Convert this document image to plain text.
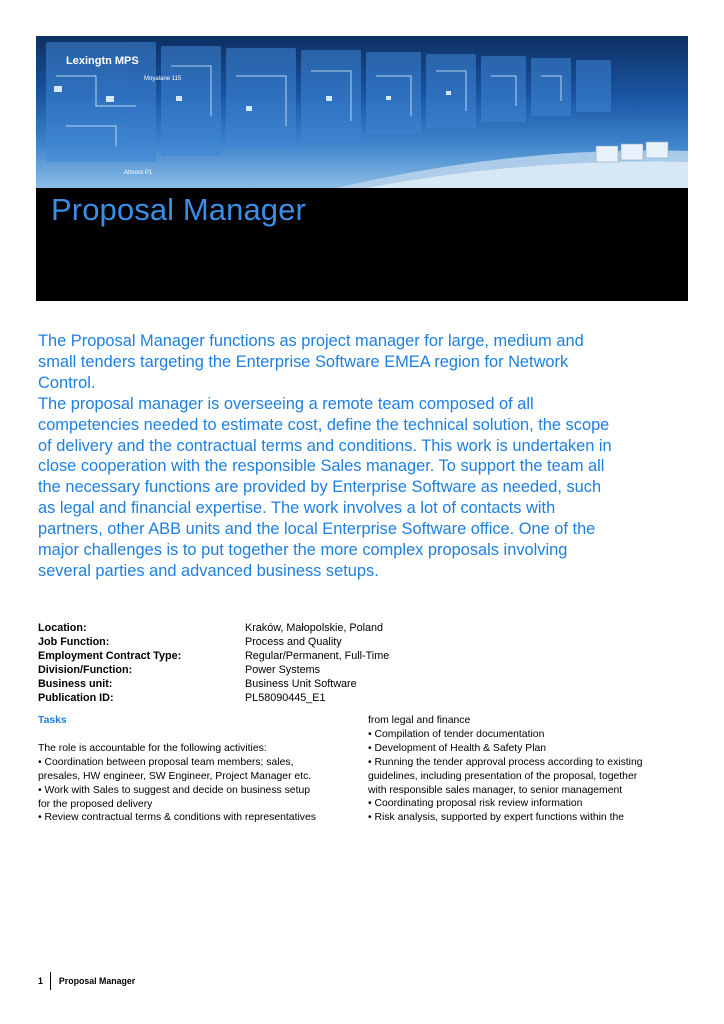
Lexingtn MPS
Moyalane 115
Atmore P1
Proposal Manager

The Proposal Manager functions as project manager for large, medium and
small tenders targeting the Enterprise Software EMEA region for Network
Control.

The proposal manager is overseeing a remote team composed of all
competencies needed to estimate cost, define the technical solution, the scope
of delivery and the contractual terms and conditions. This work is undertaken in
close cooperation with the responsible Sales manager. To support the team all
the necessary functions are provided by Enterprise Software as needed, such
as legal and financial expertise. The work involves a lot of contacts with
partners, other ABB units and the local Enterprise Software office. One of the
major challenges is to put together the more complex proposals involving
several parties and advanced business setups.

Location:	Kraków, Małopolskie, Poland
Job Function:	Process and Quality
Employment Contract Type:	Regular/Permanent, Full-Time
Division/Function:	Power Systems
Business unit:	Business Unit Software
Publication ID:	PL58090445_E1
Tasks
The role is accountable for the following activities:
• Coordination between proposal team members; sales,
presales, HW engineer, SW Engineer, Project Manager etc.
• Work with Sales to suggest and decide on business setup
for the proposed delivery
• Review contractual terms & conditions with representatives
from legal and finance
• Compilation of tender documentation
• Development of Health & Safety Plan
• Running the tender approval process according to existing
guidelines, including presentation of the proposal, together
with responsible sales manager, to senior management
• Coordinating proposal risk review information
• Risk analysis, supported by expert functions within the
1 Proposal Manager
